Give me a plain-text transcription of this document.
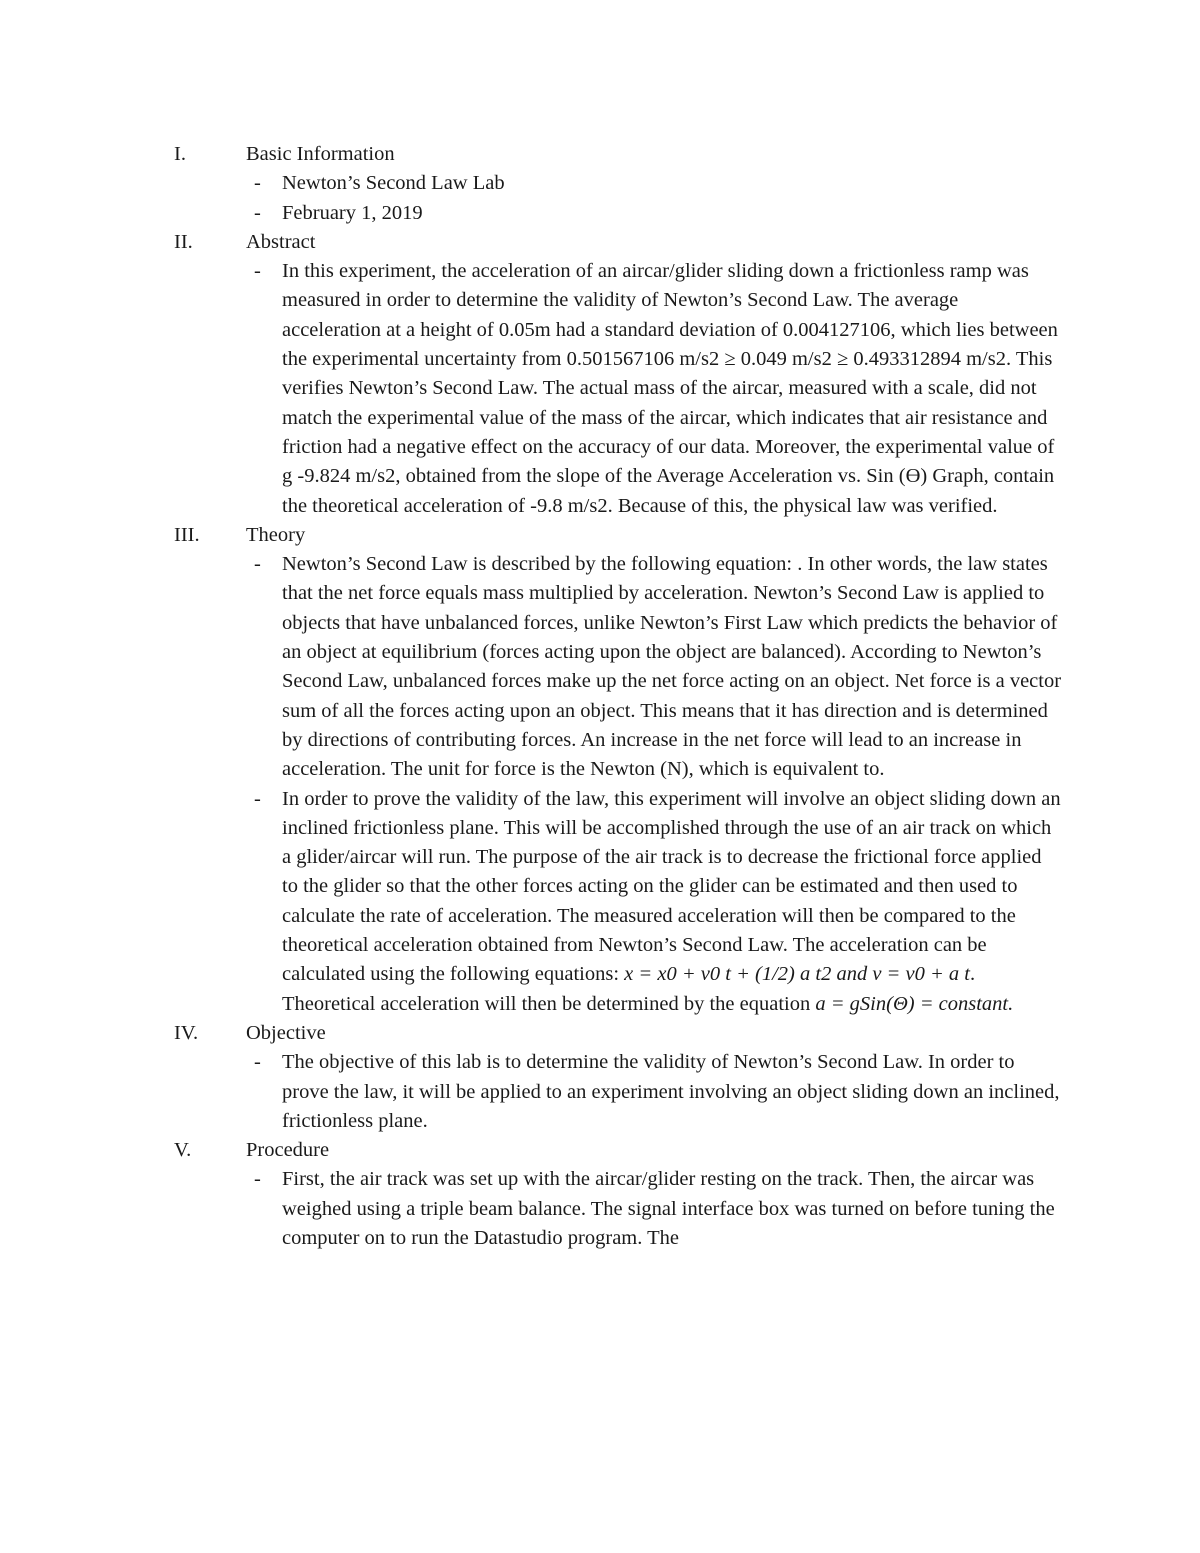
I.	Basic Information
- Newton’s Second Law Lab
- February 1, 2019
II.	Abstract
- In this experiment, the acceleration of an aircar/glider sliding down a frictionless ramp was measured in order to determine the validity of Newton’s Second Law. The average acceleration at a height of 0.05m had a standard deviation of 0.004127106, which lies between the experimental uncertainty from 0.501567106 m/s2 ≥ 0.049 m/s2 ≥ 0.493312894 m/s2. This verifies Newton’s Second Law. The actual mass of the aircar, measured with a scale, did not match the experimental value of the mass of the aircar, which indicates that air resistance and friction had a negative effect on the accuracy of our data. Moreover, the experimental value of g -9.824 m/s2, obtained from the slope of the Average Acceleration vs. Sin (ϴ) Graph, contain the theoretical acceleration of -9.8 m/s2. Because of this, the physical law was verified.
III. Theory
- Newton’s Second Law is described by the following equation: . In other words, the law states that the net force equals mass multiplied by acceleration. Newton’s Second Law is applied to objects that have unbalanced forces, unlike Newton’s First Law which predicts the behavior of an object at equilibrium (forces acting upon the object are balanced). According to Newton’s Second Law, unbalanced forces make up the net force acting on an object. Net force is a vector sum of all the forces acting upon an object. This means that it has direction and is determined by directions of contributing forces. An increase in the net force will lead to an increase in acceleration. The unit for force is the Newton (N), which is equivalent to.
- In order to prove the validity of the law, this experiment will involve an object sliding down an inclined frictionless plane. This will be accomplished through the use of an air track on which a glider/aircar will run. The purpose of the air track is to decrease the frictional force applied to the glider so that the other forces acting on the glider can be estimated and then used to calculate the rate of acceleration. The measured acceleration will then be compared to the theoretical acceleration obtained from Newton’s Second Law. The acceleration can be calculated using the following equations: x = x0 + v0 t + (1/2) a t2 and v = v0 + a t. Theoretical acceleration will then be determined by the equation a = gSin(Θ) = constant.
IV. Objective
- The objective of this lab is to determine the validity of Newton’s Second Law. In order to prove the law, it will be applied to an experiment involving an object sliding down an inclined, frictionless plane.
V.	Procedure
- First, the air track was set up with the aircar/glider resting on the track. Then, the aircar was weighed using a triple beam balance. The signal interface box was turned on before tuning the computer on to run the Datastudio program. The
